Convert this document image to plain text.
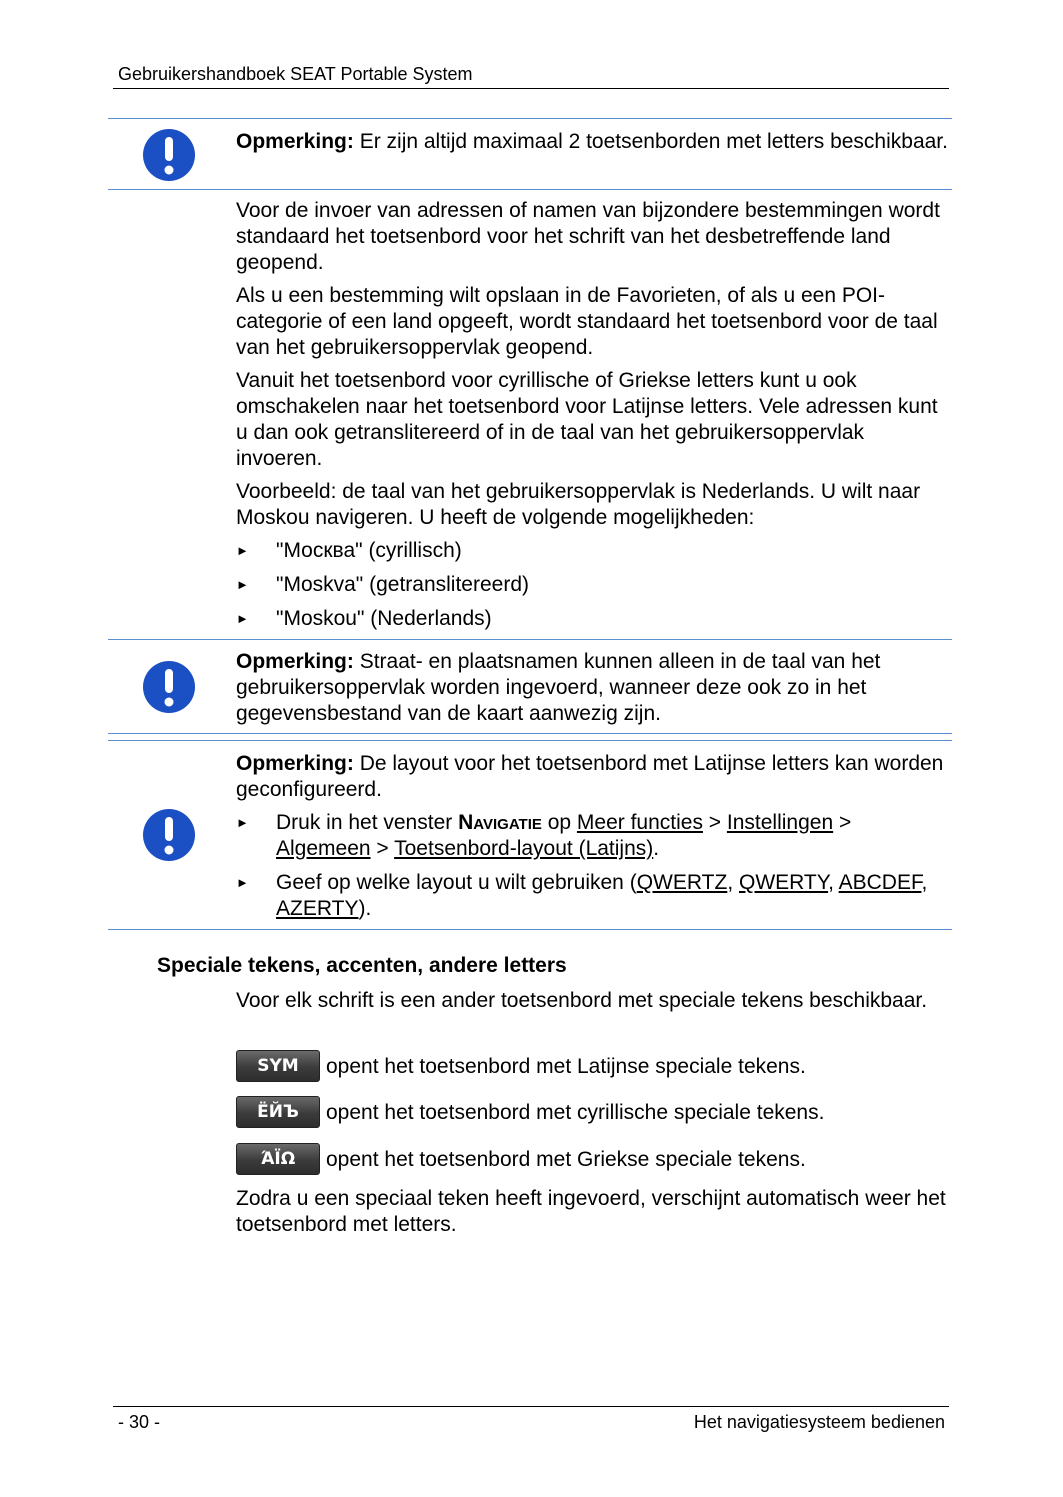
Gebruikershandboek SEAT Portable System

Opmerking: Er zijn altijd maximaal 2 toetsenborden met letters beschikbaar.

Voor de invoer van adressen of namen van bijzondere bestemmingen wordt standaard het toetsenbord voor het schrift van het desbetreffende land geopend.
Als u een bestemming wilt opslaan in de Favorieten, of als u een POI-categorie of een land opgeeft, wordt standaard het toetsenbord voor de taal van het gebruikersoppervlak geopend.
Vanuit het toetsenbord voor cyrillische of Griekse letters kunt u ook omschakelen naar het toetsenbord voor Latijnse letters. Vele adressen kunt u dan ook getranslitereerd of in de taal van het gebruikersoppervlak invoeren.
Voorbeeld: de taal van het gebruikersoppervlak is Nederlands. U wilt naar Moskou navigeren. U heeft de volgende mogelijkheden:
► "Москва" (cyrillisch)
► "Moskva" (getranslitereerd)
► "Moskou" (Nederlands)

Opmerking: Straat- en plaatsnamen kunnen alleen in de taal van het gebruikersoppervlak worden ingevoerd, wanneer deze ook zo in het gegevensbestand van de kaart aanwezig zijn.

Opmerking: De layout voor het toetsenbord met Latijnse letters kan worden geconfigureerd.

► Druk in het venster Navigatie op Meer functies > Instellingen > Algemeen > Toetsenbord-layout (Latijns).
► Geef op welke layout u wilt gebruiken (QWERTZ, QWERTY, ABCDEF, AZERTY).
Speciale tekens, accenten, andere letters
Voor elk schrift is een ander toetsenbord met speciale tekens beschikbaar.
SYM	opent het toetsenbord met Latijnse speciale tekens.
ЁЙЪ	opent het toetsenbord met cyrillische speciale tekens.
ΆΪΩ	opent het toetsenbord met Griekse speciale tekens.
Zodra u een speciaal teken heeft ingevoerd, verschijnt automatisch weer het toetsenbord met letters.
- 30 -	Het navigatiesysteem bedienen
